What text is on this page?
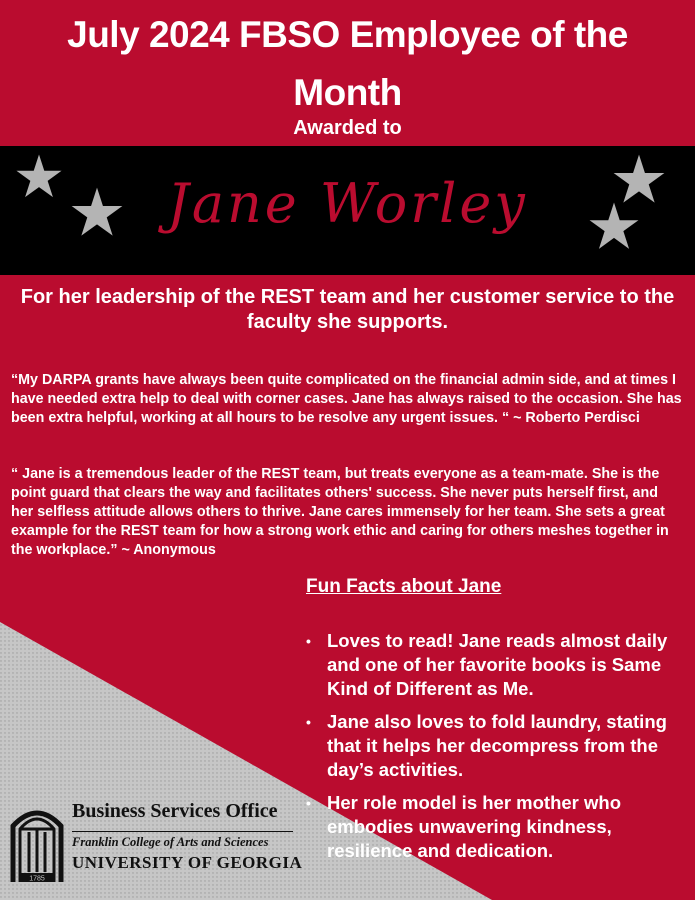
July 2024 FBSO Employee of the
Month
Awarded to
Jane Worley
For her leadership of the REST team and her customer service to the faculty she supports.
“My DARPA grants have always been quite complicated on the financial admin side, and at times I have needed extra help to deal with corner cases. Jane has always raised to the occasion. She has been extra helpful, working at all hours to be resolve any urgent issues. “ ~ Roberto Perdisci
“ Jane is a tremendous leader of the REST team, but treats everyone as a team-mate. She is the point guard that clears the way and facilitates others' success. She never puts herself first, and her selfless attitude allows others to thrive. Jane cares immensely for her team. She sets a great example for the REST team for how a strong work ethic and caring for others meshes together in the workplace.” ~ Anonymous
Fun Facts about Jane
• Loves to read! Jane reads almost daily and one of her favorite books is Same Kind of Different as Me.
• Jane also loves to fold laundry, stating that it helps her decompress from the day’s activities.
• Her role model is her mother who embodies unwavering kindness, resilience and dedication.
1785
Business Services Office
Franklin College of Arts and Sciences
UNIVERSITY OF GEORGIA
